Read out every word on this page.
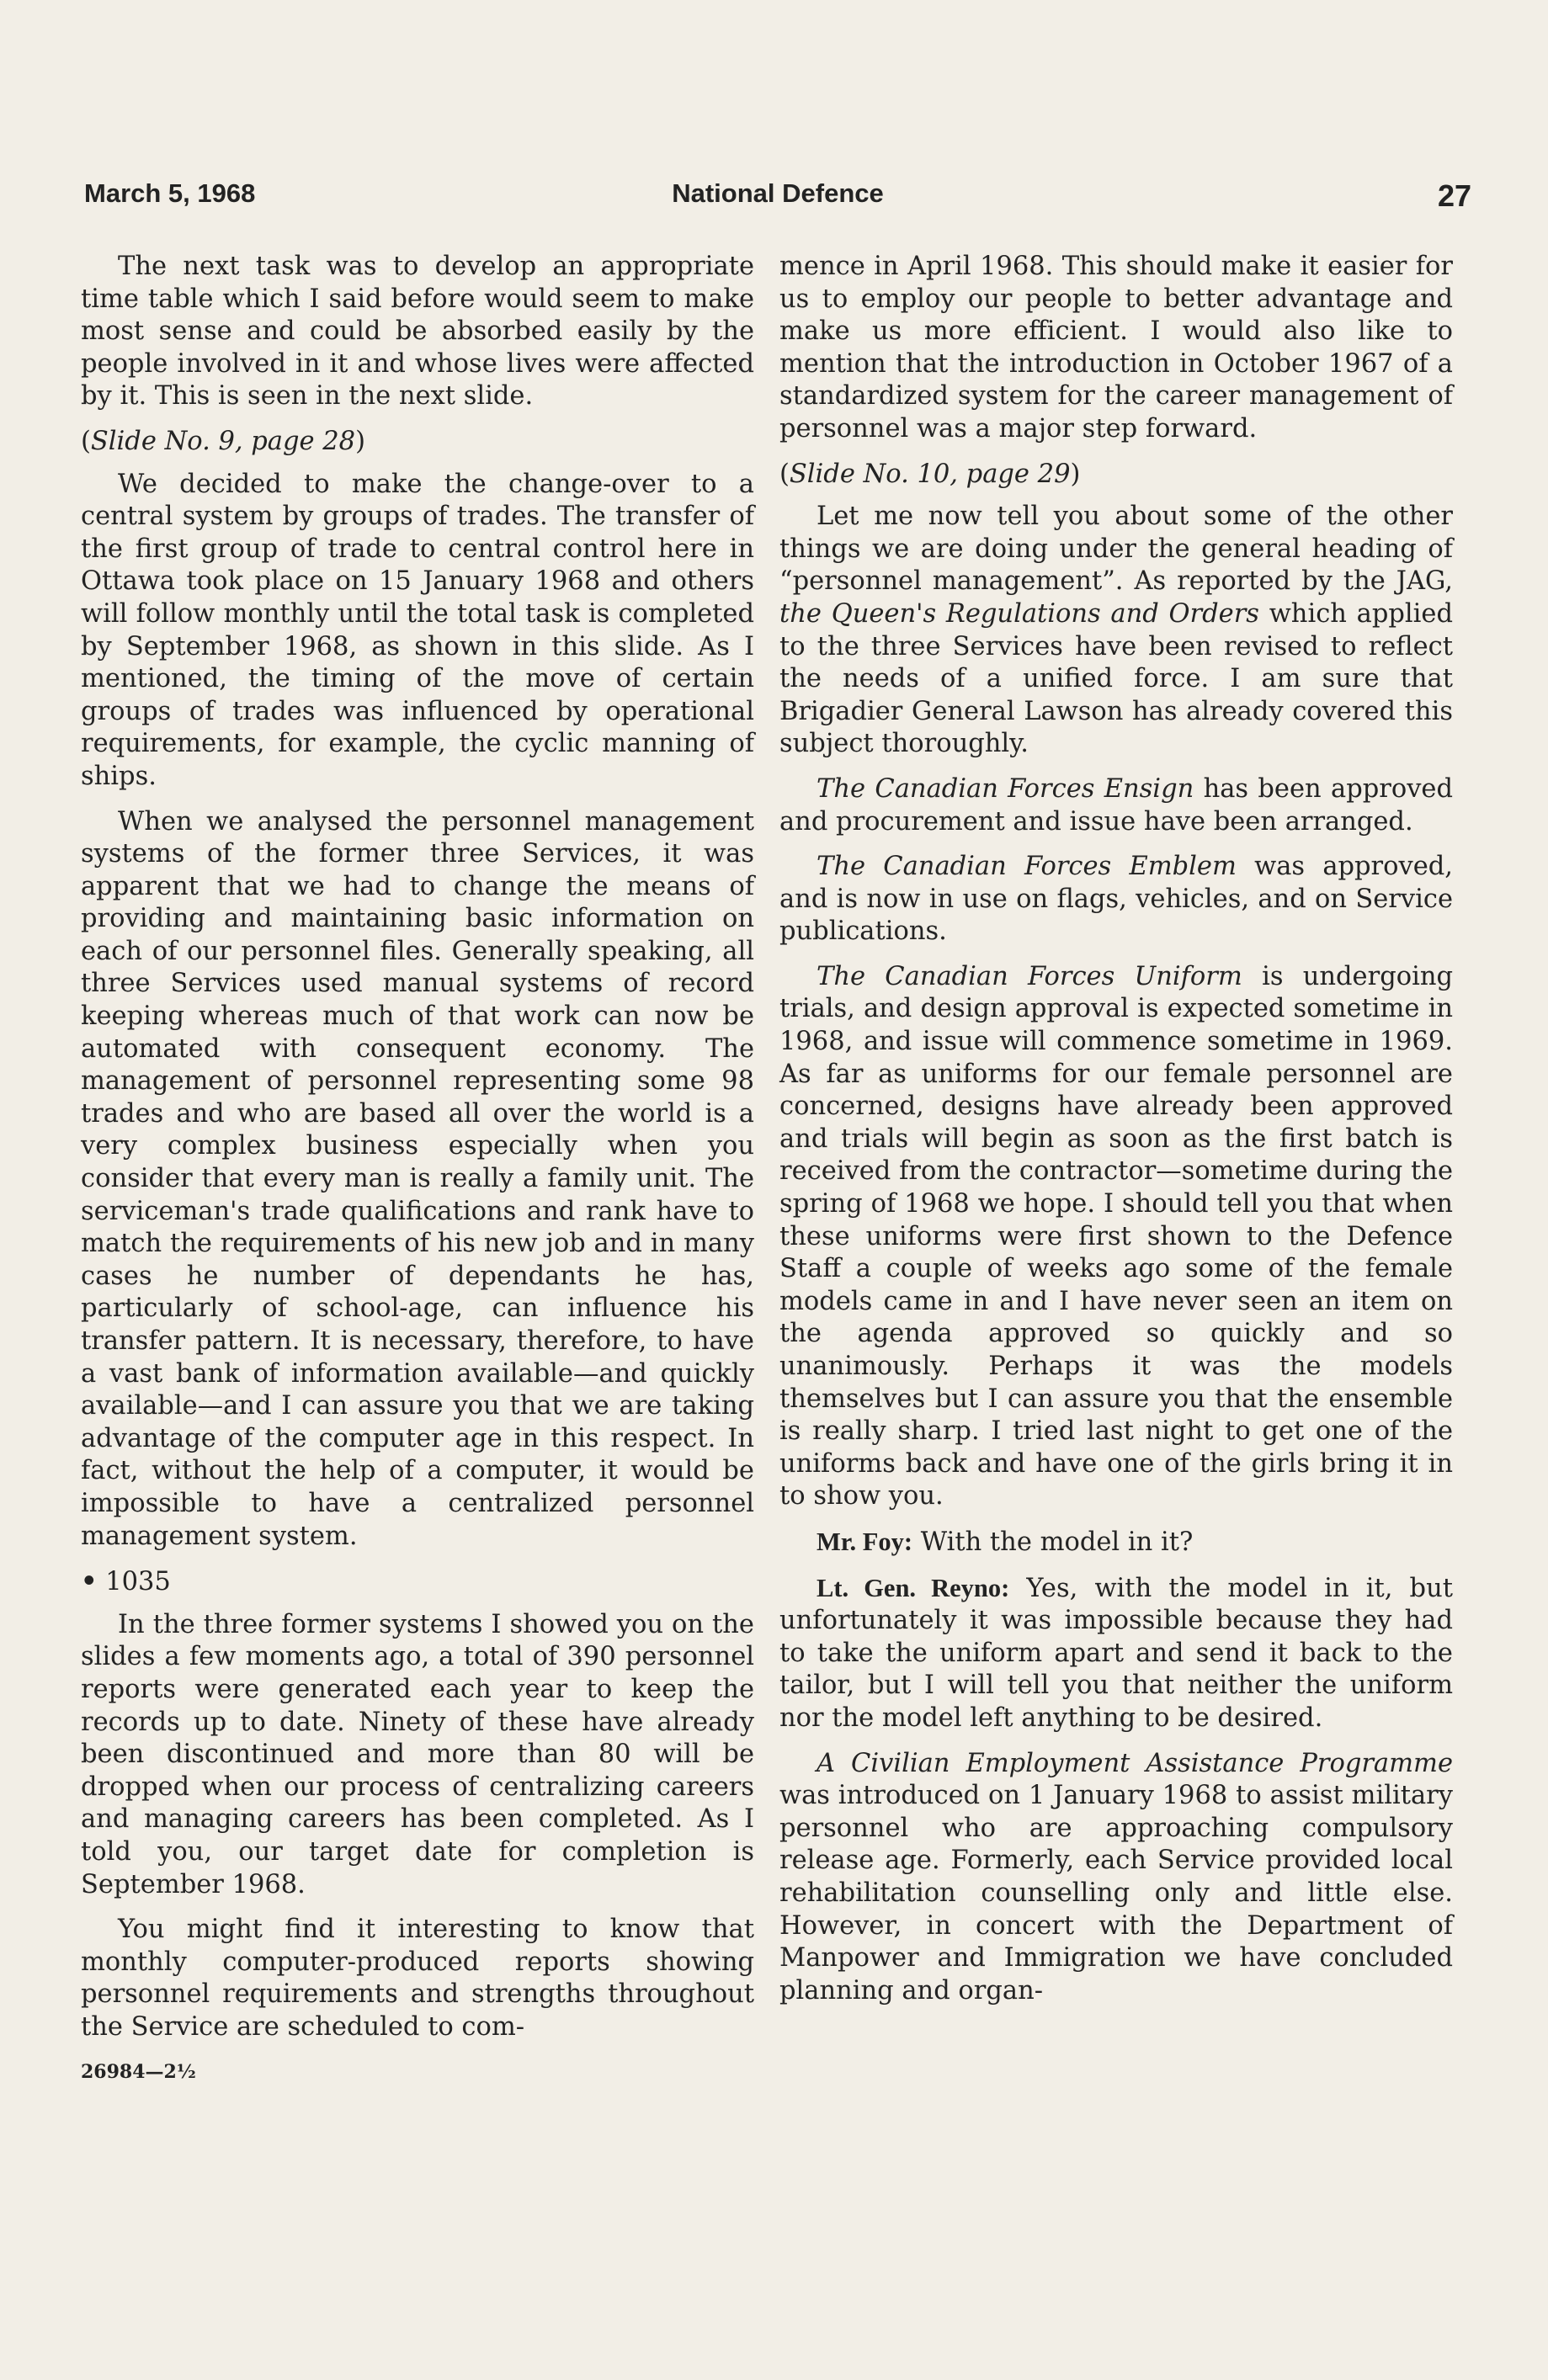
March 5, 1968	National Defence	27

The next task was to develop an appropriate time table which I said before would seem to make most sense and could be absorbed easily by the people involved in it and whose lives were affected by it. This is seen in the next slide.

(Slide No. 9, page 28)

We decided to make the change-over to a central system by groups of trades. The transfer of the first group of trade to central control here in Ottawa took place on 15 January 1968 and others will follow monthly until the total task is completed by September 1968, as shown in this slide. As I mentioned, the timing of the move of certain groups of trades was influenced by operational requirements, for example, the cyclic manning of ships.

When we analysed the personnel management systems of the former three Services, it was apparent that we had to change the means of providing and maintaining basic information on each of our personnel files. Generally speaking, all three Services used manual systems of record keeping whereas much of that work can now be automated with consequent economy. The management of personnel representing some 98 trades and who are based all over the world is a very complex business especially when you consider that every man is really a family unit. The serviceman's trade qualifications and rank have to match the requirements of his new job and in many cases he number of dependants he has, particularly of school-age, can influence his transfer pattern. It is necessary, therefore, to have a vast bank of information available—and quickly available—and I can assure you that we are taking advantage of the computer age in this respect. In fact, without the help of a computer, it would be impossible to have a centralized personnel management system.

• 1035

In the three former systems I showed you on the slides a few moments ago, a total of 390 personnel reports were generated each year to keep the records up to date. Ninety of these have already been discontinued and more than 80 will be dropped when our process of centralizing careers and managing careers has been completed. As I told you, our target date for completion is September 1968.

You might find it interesting to know that monthly computer-produced reports showing personnel requirements and strengths throughout the Service are scheduled to com-

26984—2½

mence in April 1968. This should make it easier for us to employ our people to better advantage and make us more efficient. I would also like to mention that the introduction in October 1967 of a standardized system for the career management of personnel was a major step forward.

(Slide No. 10, page 29)

Let me now tell you about some of the other things we are doing under the general heading of “personnel management”. As reported by the JAG, the Queen's Regulations and Orders which applied to the three Services have been revised to reflect the needs of a unified force. I am sure that Brigadier General Lawson has already covered this subject thoroughly.

The Canadian Forces Ensign has been approved and procurement and issue have been arranged.

The Canadian Forces Emblem was approved, and is now in use on flags, vehicles, and on Service publications.

The Canadian Forces Uniform is undergoing trials, and design approval is expected sometime in 1968, and issue will commence sometime in 1969. As far as uniforms for our female personnel are concerned, designs have already been approved and trials will begin as soon as the first batch is received from the contractor—sometime during the spring of 1968 we hope. I should tell you that when these uniforms were first shown to the Defence Staff a couple of weeks ago some of the female models came in and I have never seen an item on the agenda approved so quickly and so unanimously. Perhaps it was the models themselves but I can assure you that the ensemble is really sharp. I tried last night to get one of the uniforms back and have one of the girls bring it in to show you.

Mr. Foy: With the model in it?

Lt. Gen. Reyno: Yes, with the model in it, but unfortunately it was impossible because they had to take the uniform apart and send it back to the tailor, but I will tell you that neither the uniform nor the model left anything to be desired.

A Civilian Employment Assistance Programme was introduced on 1 January 1968 to assist military personnel who are approaching compulsory release age. Formerly, each Service provided local rehabilitation counselling only and little else. However, in concert with the Department of Manpower and Immigration we have concluded planning and organ-
